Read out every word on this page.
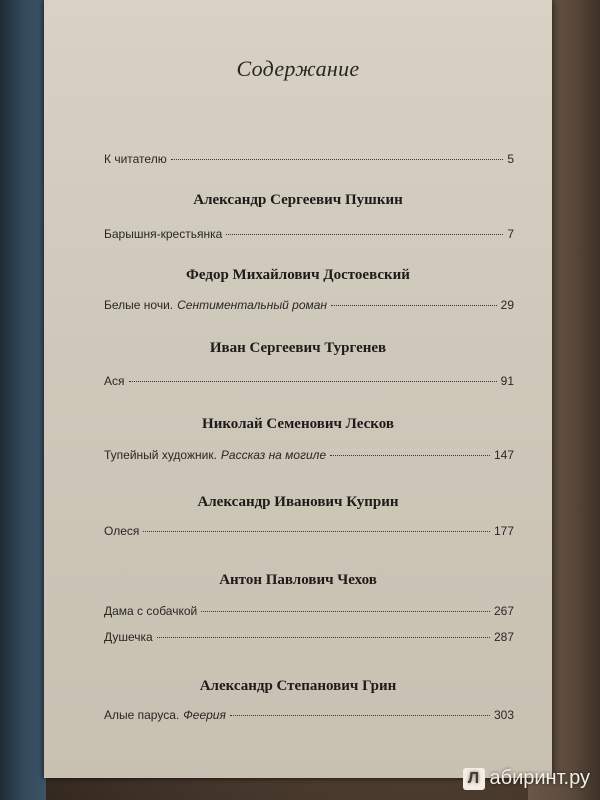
Содержание
К читателю	5
Александр Сергеевич Пушкин
Барышня-крестьянка	7
Федор Михайлович Достоевский
Белые ночи. Сентиментальный роман	29
Иван Сергеевич Тургенев
Ася	91
Николай Семенович Лесков
Тупейный художник. Рассказ на могиле	147
Александр Иванович Куприн
Олеся	177
Антон Павлович Чехов
Дама с собачкой	267
Душечка	287
Александр Степанович Грин
Алые паруса. Феерия	303
Л абиринт.ру
